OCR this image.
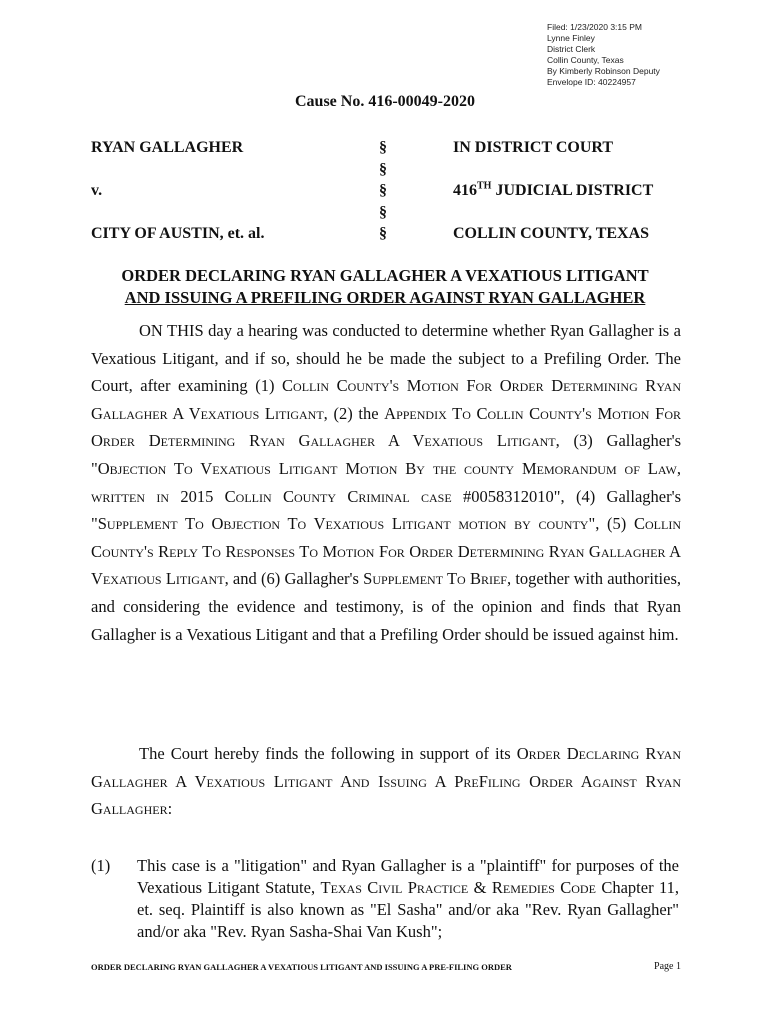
Filed: 1/23/2020 3:15 PM
Lynne Finley
District Clerk
Collin County, Texas
By Kimberly Robinson Deputy
Envelope ID: 40224957
Cause No. 416-00049-2020
RYAN GALLAGHER	§	IN DISTRICT COURT
§
v.	§	416TH JUDICIAL DISTRICT
§
CITY OF AUSTIN, et. al.	§	COLLIN COUNTY, TEXAS
ORDER DECLARING RYAN GALLAGHER A VEXATIOUS LITIGANT
AND ISSUING A PREFILING ORDER AGAINST RYAN GALLAGHER
ON THIS day a hearing was conducted to determine whether Ryan Gallagher is a Vexatious Litigant, and if so, should he be made the subject to a Prefiling Order. The Court, after examining (1) Collin County's Motion For Order Determining Ryan Gallagher A Vexatious Litigant, (2) the Appendix To Collin County's Motion For Order Determining Ryan Gallagher A Vexatious Litigant, (3) Gallagher's "Objection To Vexatious Litigant Motion By the county Memorandum of Law, written in 2015 Collin County Criminal case #0058312010", (4) Gallagher's "Supplement To Objection To Vexatious Litigant motion by county", (5) Collin County's Reply To Responses To Motion For Order Determining Ryan Gallagher A Vexatious Litigant, and (6) Gallagher's Supplement To Brief, together with authorities, and considering the evidence and testimony, is of the opinion and finds that Ryan Gallagher is a Vexatious Litigant and that a Prefiling Order should be issued against him.
The Court hereby finds the following in support of its Order Declaring Ryan Gallagher A Vexatious Litigant And Issuing A PreFiling Order Against Ryan Gallagher:
(1) This case is a "litigation" and Ryan Gallagher is a "plaintiff" for purposes of the Vexatious Litigant Statute, Texas Civil Practice & Remedies Code Chapter 11, et. seq. Plaintiff is also known as "El Sasha" and/or aka "Rev. Ryan Gallagher" and/or aka "Rev. Ryan Sasha-Shai Van Kush";
ORDER DECLARING RYAN GALLAGHER A VEXATIOUS LITIGANT AND ISSUING A PRE-FILING ORDER	Page 1
